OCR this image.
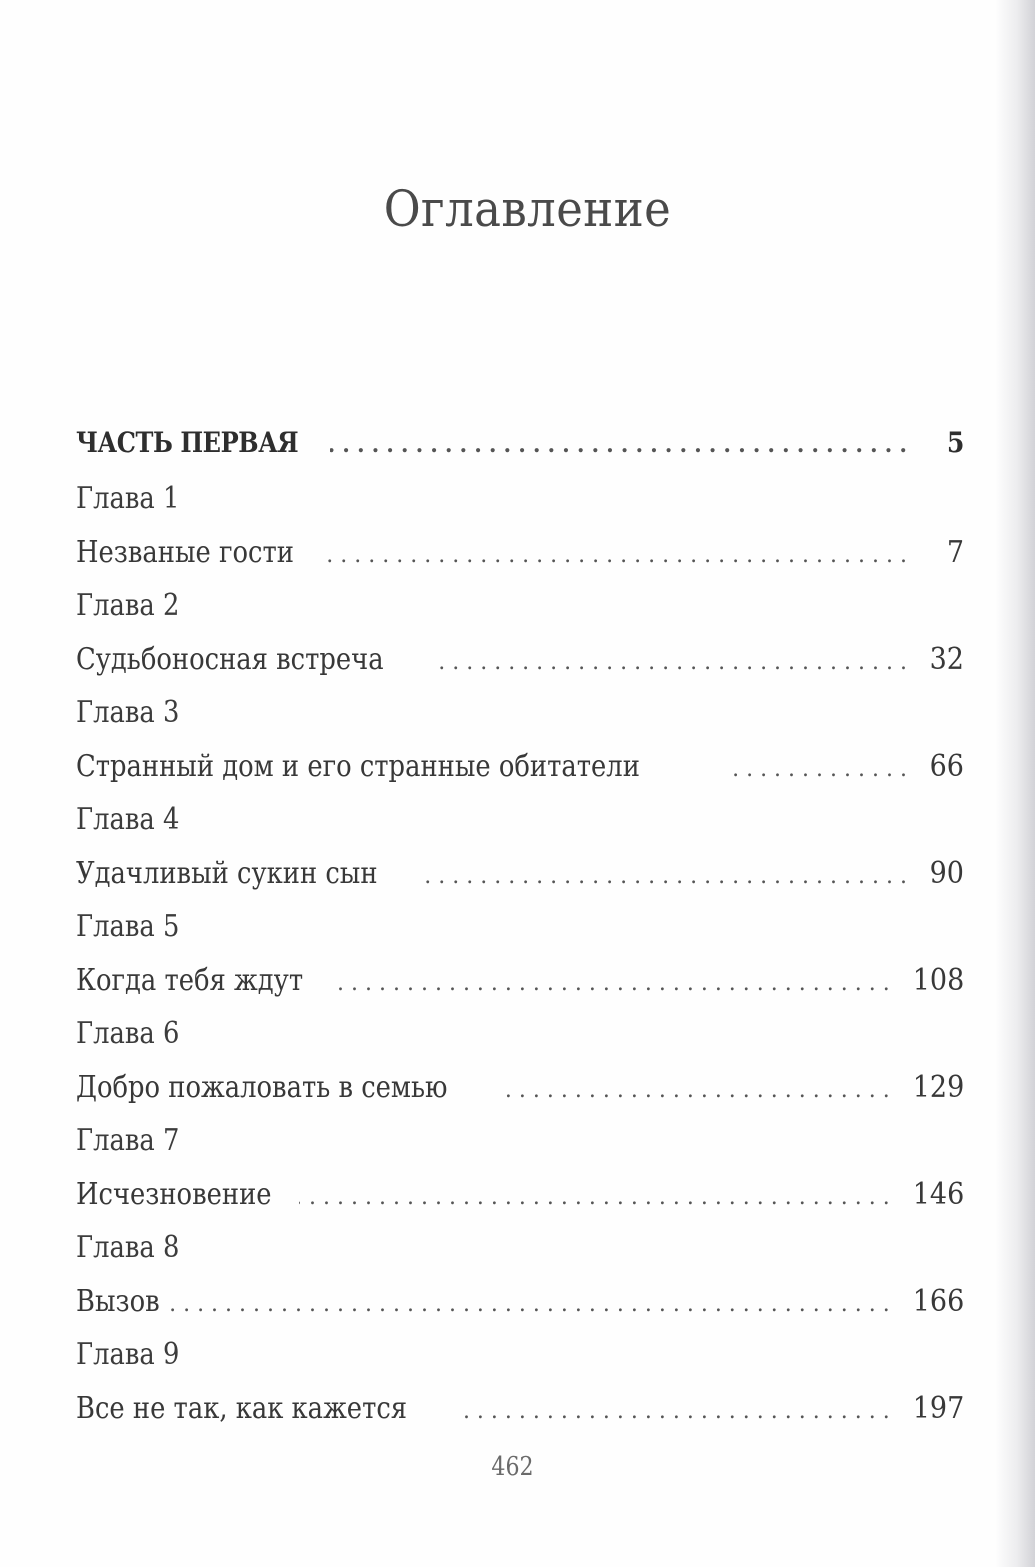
Оглавление
ЧАСТЬ ПЕРВАЯ .....	5
Глава 1
Незваные гости .....	7
Глава 2
Судьбоносная встреча .....	32
Глава 3
Странный дом и его странные обитатели .....	66
Глава 4
Удачливый сукин сын .....	90
Глава 5
Когда тебя ждут .....	108
Глава 6
Добро пожаловать в семью .....	129
Глава 7
Исчезновение .....	146
Глава 8
Вызов .....	166
Глава 9
Все не так, как кажется .....	197
462
